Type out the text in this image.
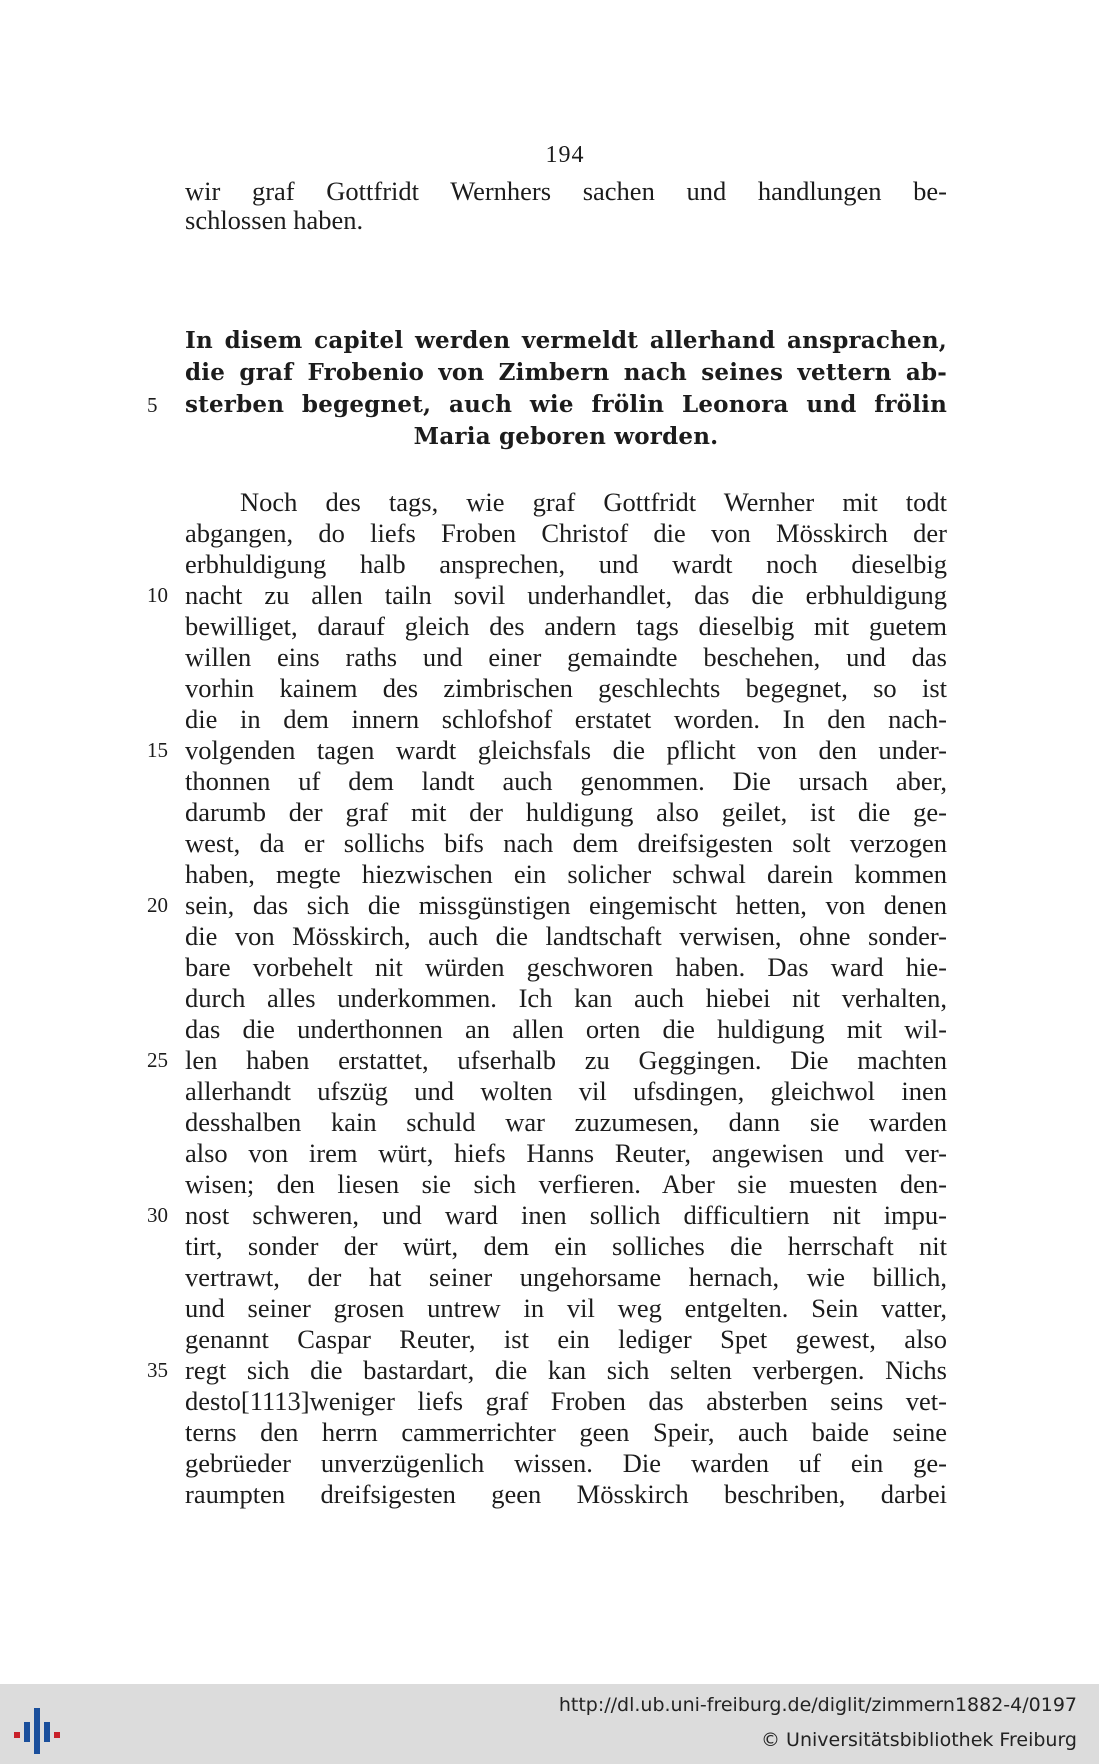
194
wir graf Gottfridt Wernhers sachen und handlungen be-
schlossen haben.
In disem capitel werden vermeldt allerhand ansprachen,
die graf Frobenio von Zimbern nach seines vettern ab-
5	sterben begegnet, auch wie frölin Leonora und frölin
Maria geboren worden.
Noch des tags, wie graf Gottfridt Wernher mit todt
abgangen, do liefs Froben Christof die von Mösskirch der
erbhuldigung halb ansprechen, und wardt noch dieselbig
10 nacht zu allen tailn sovil underhandlet, das die erbhuldigung
bewilliget, darauf gleich des andern tags dieselbig mit guetem
willen eins raths und einer gemaindte beschehen, und das
vorhin kainem des zimbrischen geschlechts begegnet, so ist
die in dem innern schlofshof erstatet worden. In den nach-
15 volgenden tagen wardt gleichsfals die pflicht von den under-
thonnen uf dem landt auch genommen. Die ursach aber,
darumb der graf mit der huldigung also geilet, ist die ge-
west, da er sollichs bifs nach dem dreifsigesten solt verzogen
haben, megte hiezwischen ein solicher schwal darein kommen
20 sein, das sich die missgünstigen eingemischt hetten, von denen
die von Mösskirch, auch die landtschaft verwisen, ohne sonder-
bare vorbehelt nit würden geschworen haben. Das ward hie-
durch alles underkommen. Ich kan auch hiebei nit verhalten,
das die underthonnen an allen orten die huldigung mit wil-
25 len haben erstattet, ufserhalb zu Geggingen. Die machten
allerhandt ufszüg und wolten vil ufsdingen, gleichwol inen
desshalben kain schuld war zuzumesen, dann sie warden
also von irem würt, hiefs Hanns Reuter, angewisen und ver-
wisen; den liesen sie sich verfieren. Aber sie muesten den-
30 nost schweren, und ward inen sollich difficultiern nit impu-
tirt, sonder der würt, dem ein solliches die herrschaft nit
vertrawt, der hat seiner ungehorsame hernach, wie billich,
und seiner grosen untrew in vil weg entgelten. Sein vatter,
genannt Caspar Reuter, ist ein lediger Spet gewest, also
35 regt sich die bastardart, die kan sich selten verbergen. Nichs
desto[1113]weniger liefs graf Froben das absterben seins vet-
terns den herrn cammerrichter geen Speir, auch baide seine
gebrüeder unverzügenlich wissen. Die warden uf ein ge-
raumpten dreifsigesten geen Mösskirch beschriben, darbei
http://dl.ub.uni-freiburg.de/diglit/zimmern1882-4/0197
© Universitätsbibliothek Freiburg
